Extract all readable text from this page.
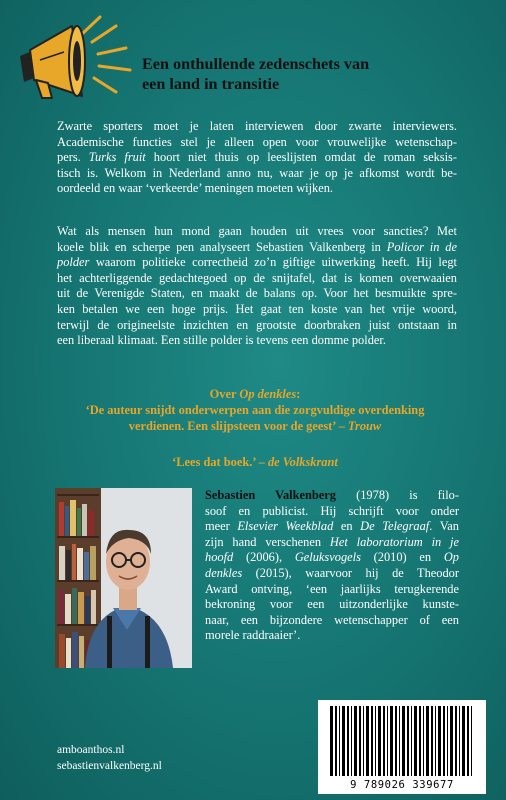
Een onthullende zedenschets van
een land in transitie

Zwarte sporters moet je laten interviewen door zwarte interviewers.
Academische functies stel je alleen open voor vrouwelijke wetenschap-
pers. Turks fruit hoort niet thuis op leeslijsten omdat de roman seksis-
tisch is. Welkom in Nederland anno nu, waar je op je afkomst wordt be-
oordeeld en waar ‘verkeerde’ meningen moeten wijken.

Wat als mensen hun mond gaan houden uit vrees voor sancties? Met
koele blik en scherpe pen analyseert Sebastien Valkenberg in Policor in de
polder waarom politieke correctheid zo’n giftige uitwerking heeft. Hij legt
het achterliggende gedachtegoed op de snijtafel, dat is komen overwaaien
uit de Verenigde Staten, en maakt de balans op. Voor het besmuikte spre-
ken betalen we een hoge prijs. Het gaat ten koste van het vrije woord,
terwijl de origineelste inzichten en grootste doorbraken juist ontstaan in
een liberaal klimaat. Een stille polder is tevens een domme polder.

Over Op denkles:
‘De auteur snijdt onderwerpen aan die zorgvuldige overdenking
verdienen. Een slijpsteen voor de geest’ – Trouw
‘Lees dat boek.’ – de Volkskrant
Sebastien Valkenberg (1978) is filo-
soof en publicist. Hij schrijft voor onder
meer Elsevier Weekblad en De Telegraaf. Van
zijn hand verschenen Het laboratorium in je
hoofd (2006), Geluksvogels (2010) en Op
denkles (2015), waarvoor hij de Theodor
Award ontving, ‘een jaarlijks terugkerende
bekroning voor een uitzonderlijke kunste-
naar, een bijzondere wetenschapper of een
morele raddraaier’.
amboanthos.nl
sebastienvalkenberg.nl
9 789026 339677
